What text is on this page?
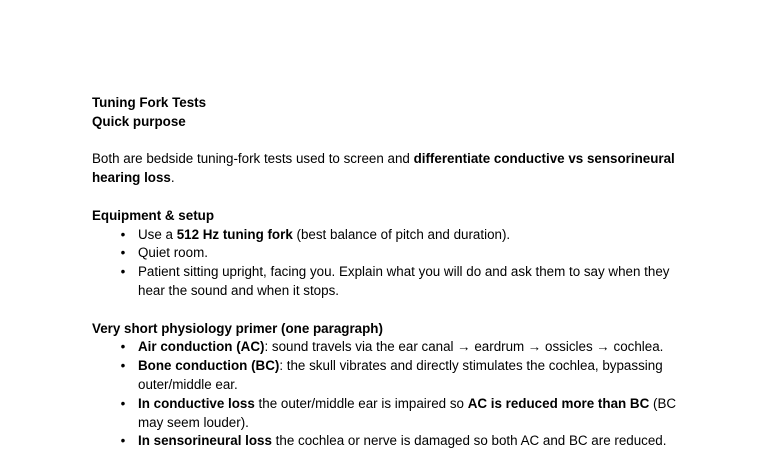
Tuning Fork Tests

Quick purpose

Both are bedside tuning-fork tests used to screen and differentiate conductive vs sensorineural hearing loss.

Equipment & setup

• Use a 512 Hz tuning fork (best balance of pitch and duration).
• Quiet room.
• Patient sitting upright, facing you. Explain what you will do and ask them to say when they hear the sound and when it stops.

Very short physiology primer (one paragraph)

• Air conduction (AC): sound travels via the ear canal → eardrum → ossicles → cochlea.
• Bone conduction (BC): the skull vibrates and directly stimulates the cochlea, bypassing outer/middle ear.
• In conductive loss the outer/middle ear is impaired so AC is reduced more than BC (BC may seem louder).
• In sensorineural loss the cochlea or nerve is damaged so both AC and BC are reduced.
